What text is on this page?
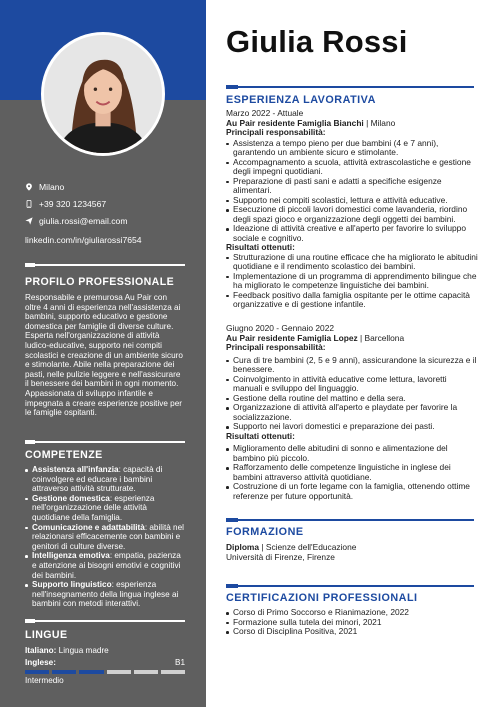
Milano
+39 320 1234567
giulia.rossi@email.com
linkedin.com/in/giuliarossi7654
PROFILO PROFESSIONALE
Responsabile e premurosa Au Pair con oltre 4 anni di esperienza nell'assistenza ai bambini, supporto educativo e gestione domestica per famiglie di diverse culture. Esperta nell'organizzazione di attività ludico-educative, supporto nei compiti scolastici e creazione di un ambiente sicuro e stimolante. Abile nella preparazione dei pasti, nelle pulizie leggere e nell'assicurare il benessere dei bambini in ogni momento. Appassionata di sviluppo infantile e impegnata a creare esperienze positive per le famiglie ospitanti.
COMPETENZE
Assistenza all'infanzia: capacità di coinvolgere ed educare i bambini attraverso attività strutturate.
Gestione domestica: esperienza nell'organizzazione delle attività quotidiane della famiglia.
Comunicazione e adattabilità: abilità nel relazionarsi efficacemente con bambini e genitori di culture diverse.
Intelligenza emotiva: empatia, pazienza e attenzione ai bisogni emotivi e cognitivi dei bambini.
Supporto linguistico: esperienza nell'insegnamento della lingua inglese ai bambini con metodi interattivi.
LINGUE
Italiano: Lingua madre
Inglese:	B1
Intermedio
Giulia Rossi
ESPERIENZA LAVORATIVA
Marzo 2022 - Attuale
Au Pair residente Famiglia Bianchi | Milano
Principali responsabilità:
Assistenza a tempo pieno per due bambini (4 e 7 anni), garantendo un ambiente sicuro e stimolante.
Accompagnamento a scuola, attività extrascolastiche e gestione degli impegni quotidiani.
Preparazione di pasti sani e adatti a specifiche esigenze alimentari.
Supporto nei compiti scolastici, lettura e attività educative.
Esecuzione di piccoli lavori domestici come lavanderia, riordino degli spazi gioco e organizzazione degli oggetti dei bambini.
Ideazione di attività creative e all'aperto per favorire lo sviluppo sociale e cognitivo.
Risultati ottenuti:
Strutturazione di una routine efficace che ha migliorato le abitudini quotidiane e il rendimento scolastico dei bambini.
Implementazione di un programma di apprendimento bilingue che ha migliorato le competenze linguistiche dei bambini.
Feedback positivo dalla famiglia ospitante per le ottime capacità organizzative e di gestione infantile.
Giugno 2020 - Gennaio 2022
Au Pair residente Famiglia Lopez | Barcellona
Principali responsabilità:
Cura di tre bambini (2, 5 e 9 anni), assicurandone la sicurezza e il benessere.
Coinvolgimento in attività educative come lettura, lavoretti manuali e sviluppo del linguaggio.
Gestione della routine del mattino e della sera.
Organizzazione di attività all'aperto e playdate per favorire la socializzazione.
Supporto nei lavori domestici e preparazione dei pasti.
Risultati ottenuti:
Miglioramento delle abitudini di sonno e alimentazione del bambino più piccolo.
Rafforzamento delle competenze linguistiche in inglese dei bambini attraverso attività quotidiane.
Costruzione di un forte legame con la famiglia, ottenendo ottime referenze per future opportunità.
FORMAZIONE
Diploma | Scienze dell'Educazione
Università di Firenze, Firenze
CERTIFICAZIONI PROFESSIONALI
Corso di Primo Soccorso e Rianimazione, 2022
Formazione sulla tutela dei minori, 2021
Corso di Disciplina Positiva, 2021
